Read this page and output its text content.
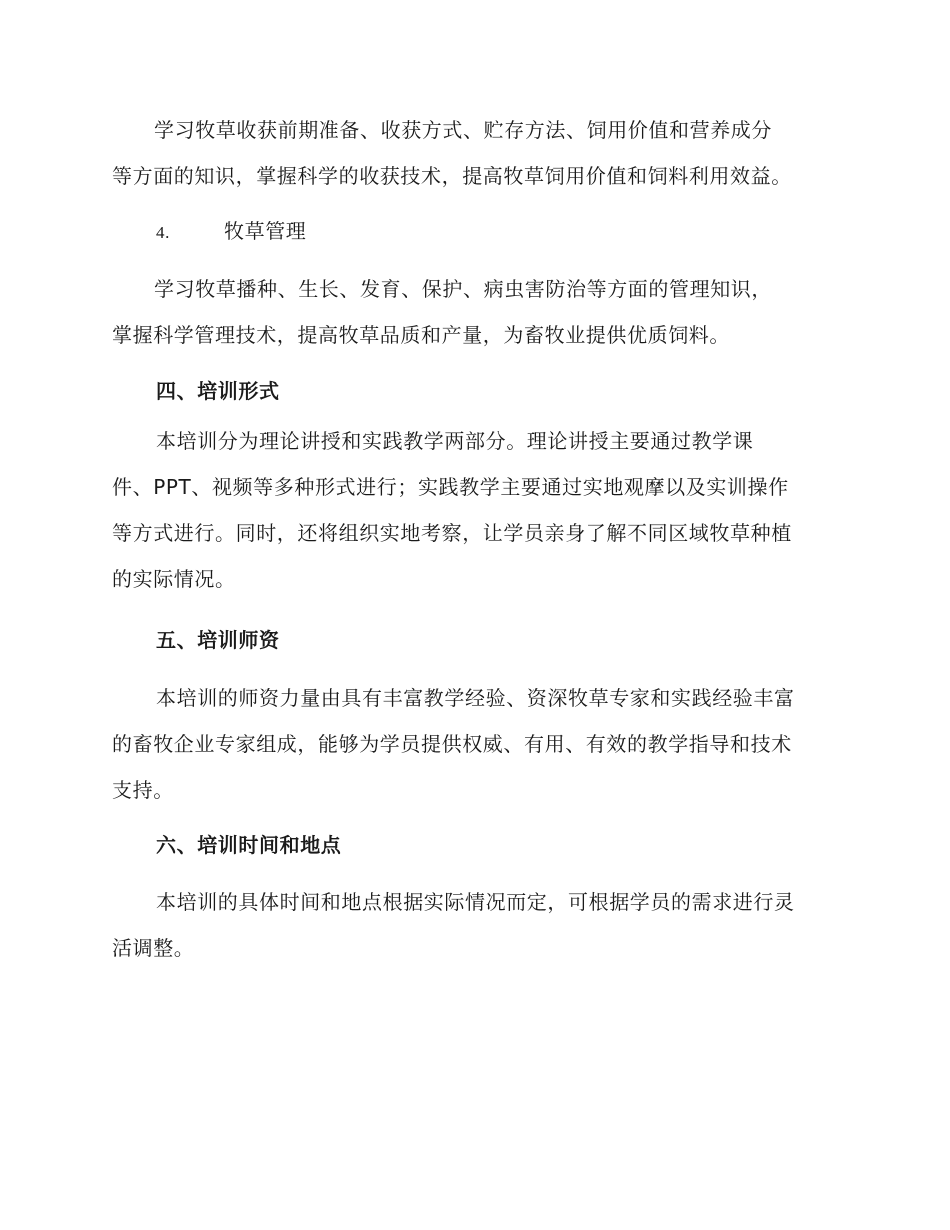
学习牧草收获前期准备、收获方式、贮存方法、饲用价值和营养成分
等方面的知识，掌握科学的收获技术，提高牧草饲用价值和饲料利用效益。
4.	牧草管理
学习牧草播种、生长、发育、保护、病虫害防治等方面的管理知识，
掌握科学管理技术，提高牧草品质和产量，为畜牧业提供优质饲料。
四、培训形式
本培训分为理论讲授和实践教学两部分。理论讲授主要通过教学课
件、PPT、视频等多种形式进行；实践教学主要通过实地观摩以及实训操作
等方式进行。同时，还将组织实地考察，让学员亲身了解不同区域牧草种植
的实际情况。
五、培训师资
本培训的师资力量由具有丰富教学经验、资深牧草专家和实践经验丰富
的畜牧企业专家组成，能够为学员提供权威、有用、有效的教学指导和技术
支持。
六、培训时间和地点
本培训的具体时间和地点根据实际情况而定，可根据学员的需求进行灵
活调整。
